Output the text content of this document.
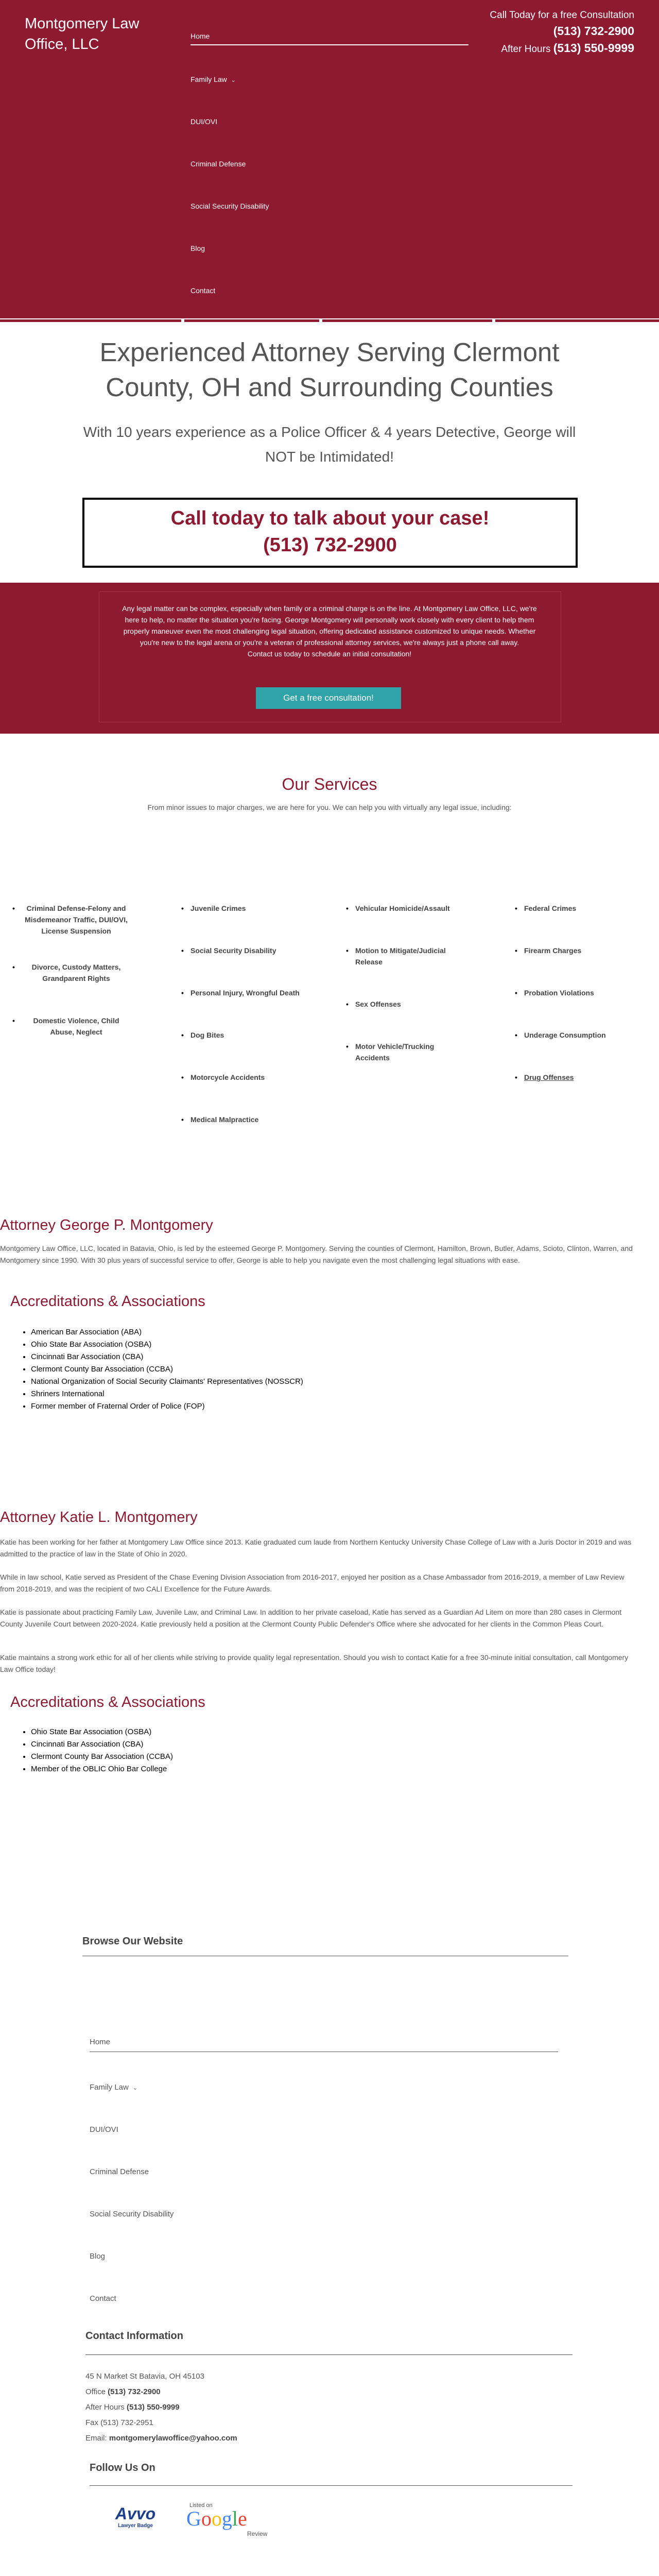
Montgomery Law Office, LLC	Home
Family Law ⌄
DUI/OVI
Criminal Defense
Social Security Disability
Blog
Contact
Call Today for a free Consultation
(513) 732-2900
After Hours (513) 550-9999
Experienced Attorney Serving Clermont County, OH and Surrounding Counties
With 10 years experience as a Police Officer & 4 years Detective, George will NOT be Intimidated!
Call today to talk about your case!
(513) 732-2900
Any legal matter can be complex, especially when family or a criminal charge is on the line. At Montgomery Law Office, LLC, we're here to help, no matter the situation you're facing. George Montgomery will personally work closely with every client to help them properly maneuver even the most challenging legal situation, offering dedicated assistance customized to unique needs. Whether you're new to the legal arena or you're a veteran of professional attorney services, we're always just a phone call away.
Contact us today to schedule an initial consultation!
Get a free consultation!
Our Services
From minor issues to major charges, we are here for you. We can help you with virtually any legal issue, including:
• Criminal Defense-Felony and Misdemeanor Traffic, DUI/OVI, License Suspension
• Divorce, Custody Matters, Grandparent Rights
• Domestic Violence, Child Abuse, Neglect
• Juvenile Crimes
• Social Security Disability
• Personal Injury, Wrongful Death
• Dog Bites
• Motorcycle Accidents
• Medical Malpractice
• Vehicular Homicide/Assault
• Motion to Mitigate/Judicial Release
• Sex Offenses
• Motor Vehicle/Trucking Accidents
• Federal Crimes
• Firearm Charges
• Probation Violations
• Underage Consumption
• Drug Offenses
Attorney George P. Montgomery
Montgomery Law Office, LLC, located in Batavia, Ohio, is led by the esteemed George P. Montgomery. Serving the counties of Clermont, Hamilton, Brown, Butler, Adams, Scioto, Clinton, Warren, and Montgomery since 1990. With 30 plus years of successful service to offer, George is able to help you navigate even the most challenging legal situations with ease.
Accreditations & Associations
• American Bar Association (ABA)
• Ohio State Bar Association (OSBA)
• Cincinnati Bar Association (CBA)
• Clermont County Bar Association (CCBA)
• National Organization of Social Security Claimants' Representatives (NOSSCR)
• Shriners International
• Former member of Fraternal Order of Police (FOP)
Attorney Katie L. Montgomery
Katie has been working for her father at Montgomery Law Office since 2013. Katie graduated cum laude from Northern Kentucky University Chase College of Law with a Juris Doctor in 2019 and was admitted to the practice of law in the State of Ohio in 2020.
While in law school, Katie served as President of the Chase Evening Division Association from 2016-2017, enjoyed her position as a Chase Ambassador from 2016-2019, a member of Law Review from 2018-2019, and was the recipient of two CALI Excellence for the Future Awards.
Katie is passionate about practicing Family Law, Juvenile Law, and Criminal Law. In addition to her private caseload, Katie has served as a Guardian Ad Litem on more than 280 cases in Clermont County Juvenile Court between 2020-2024. Katie previously held a position at the Clermont County Public Defender's Office where she advocated for her clients in the Common Pleas Court.
Katie maintains a strong work ethic for all of her clients while striving to provide quality legal representation. Should you wish to contact Katie for a free 30-minute initial consultation, call Montgomery Law Office today!
Accreditations & Associations
• Ohio State Bar Association (OSBA)
• Cincinnati Bar Association (CBA)
• Clermont County Bar Association (CCBA)
• Member of the OBLIC Ohio Bar College
Browse Our Website
Home
Family Law ⌄
DUI/OVI
Criminal Defense
Social Security Disability
Blog
Contact
Contact Information
45 N Market St Batavia, OH 45103
Office (513) 732-2900
After Hours (513) 550-9999
Fax (513) 732-2951
Email: montgomerylawoffice@yahoo.com
Follow Us On
Avvo
Lawyer Badge
Listed on
Google
Review
